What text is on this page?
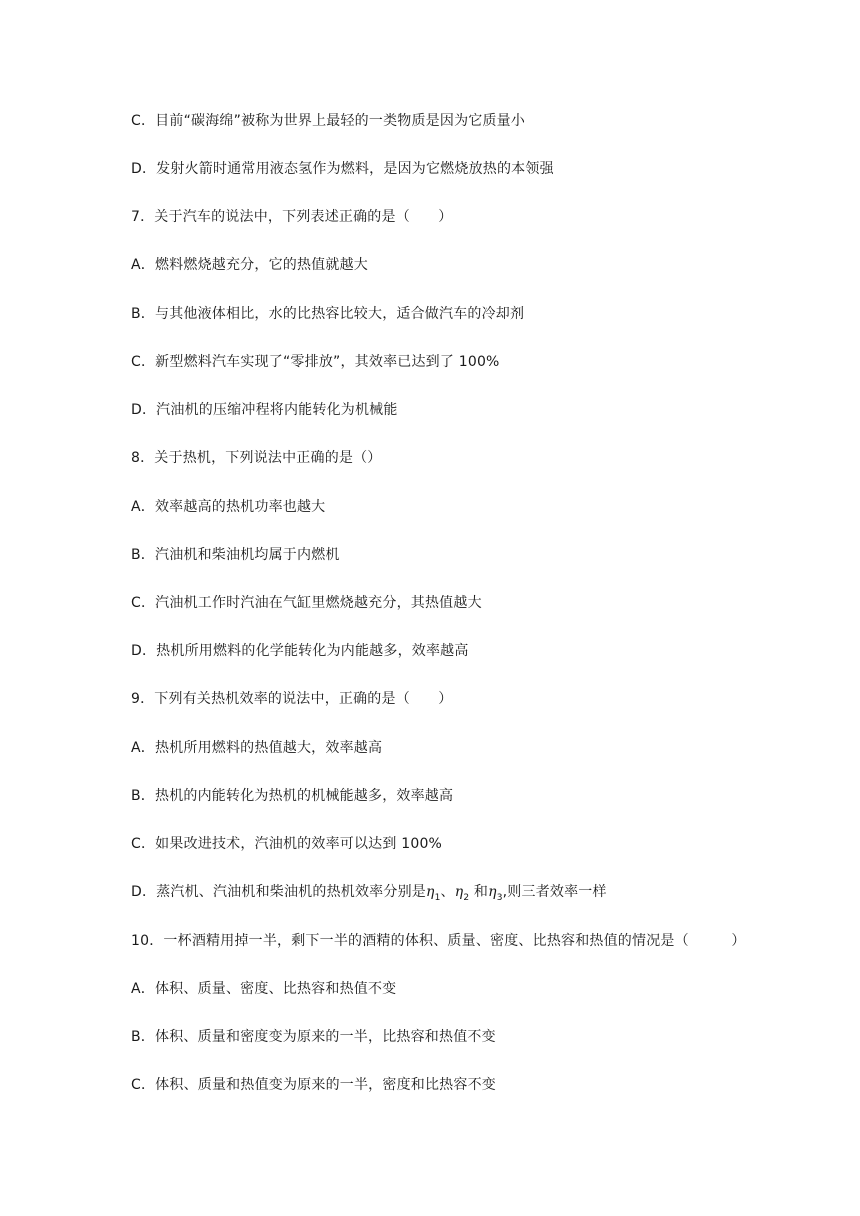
C．目前“碳海绵”被称为世界上最轻的一类物质是因为它质量小
D．发射火箭时通常用液态氢作为燃料，是因为它燃烧放热的本领强
7．关于汽车的说法中，下列表述正确的是（　　）
A．燃料燃烧越充分，它的热值就越大
B．与其他液体相比，水的比热容比较大，适合做汽车的冷却剂
C．新型燃料汽车实现了“零排放”，其效率已达到了 100%
D．汽油机的压缩冲程将内能转化为机械能
8．关于热机，下列说法中正确的是（）
A．效率越高的热机功率也越大
B．汽油机和柴油机均属于内燃机
C．汽油机工作时汽油在气缸里燃烧越充分，其热值越大
D．热机所用燃料的化学能转化为内能越多，效率越高
9．下列有关热机效率的说法中，正确的是（　　）
A．热机所用燃料的热值越大，效率越高
B．热机的内能转化为热机的机械能越多，效率越高
C．如果改进技术，汽油机的效率可以达到 100%
D．蒸汽机、汽油机和柴油机的热机效率分别是$\eta_1$、$\eta_2$ 和$\eta_3$,则三者效率一样
10．一杯酒精用掉一半，剩下一半的酒精的体积、质量、密度、比热容和热值的情况是（　　　）
A．体积、质量、密度、比热容和热值不变
B．体积、质量和密度变为原来的一半，比热容和热值不变
C．体积、质量和热值变为原来的一半，密度和比热容不变
